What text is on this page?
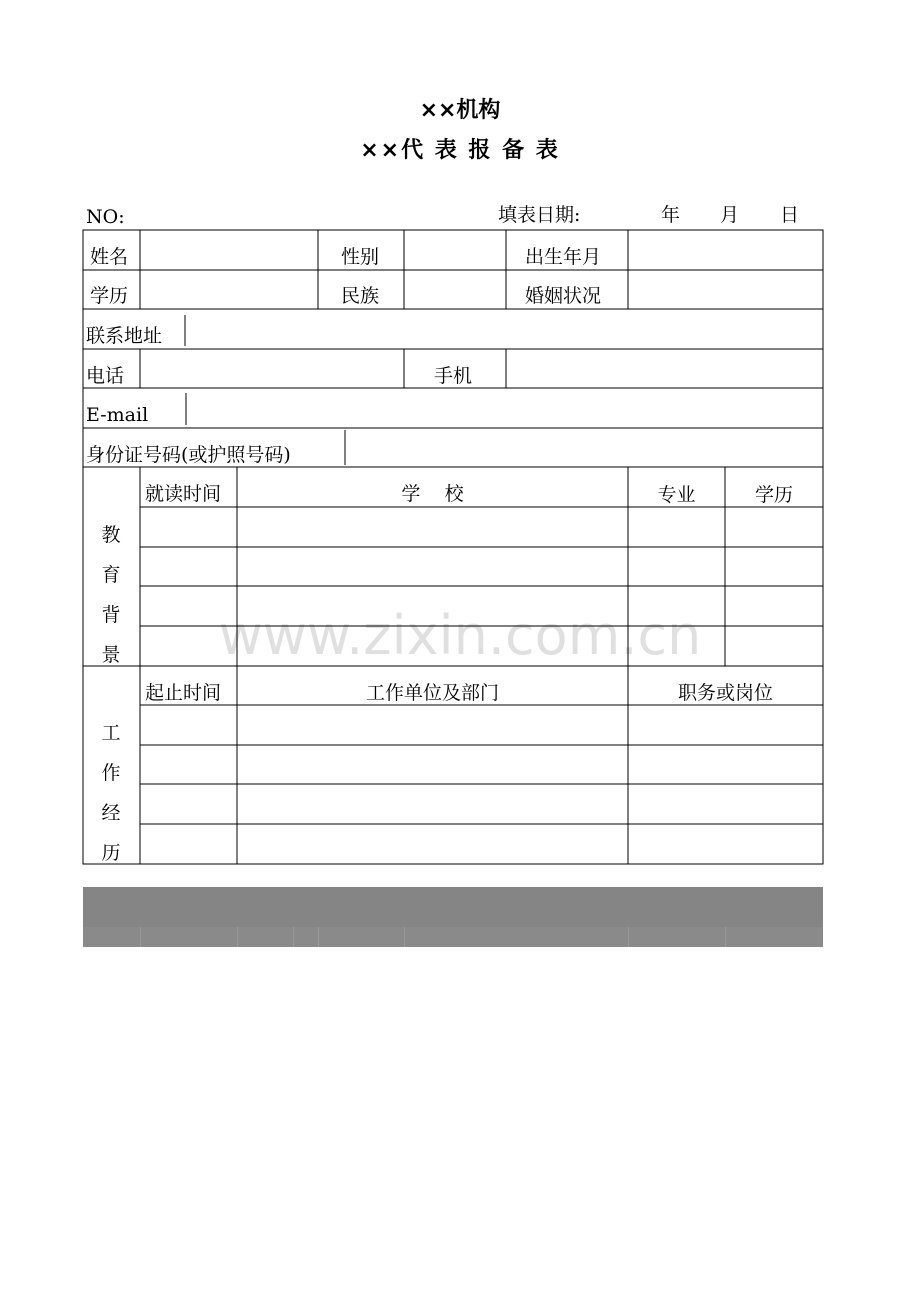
××机构
××代 表 报 备 表
NO:	填表日期:	年 月 日
姓名	性别	出生年月
学历	民族	婚姻状况
联系地址
电话	手机
E-mail
身份证号码(或护照号码)
就读时间	学    校	专业	学历
教
育
背
景
起止时间	工作单位及部门	职务或岗位
工
作
经
历
www.zixin.com.cn
